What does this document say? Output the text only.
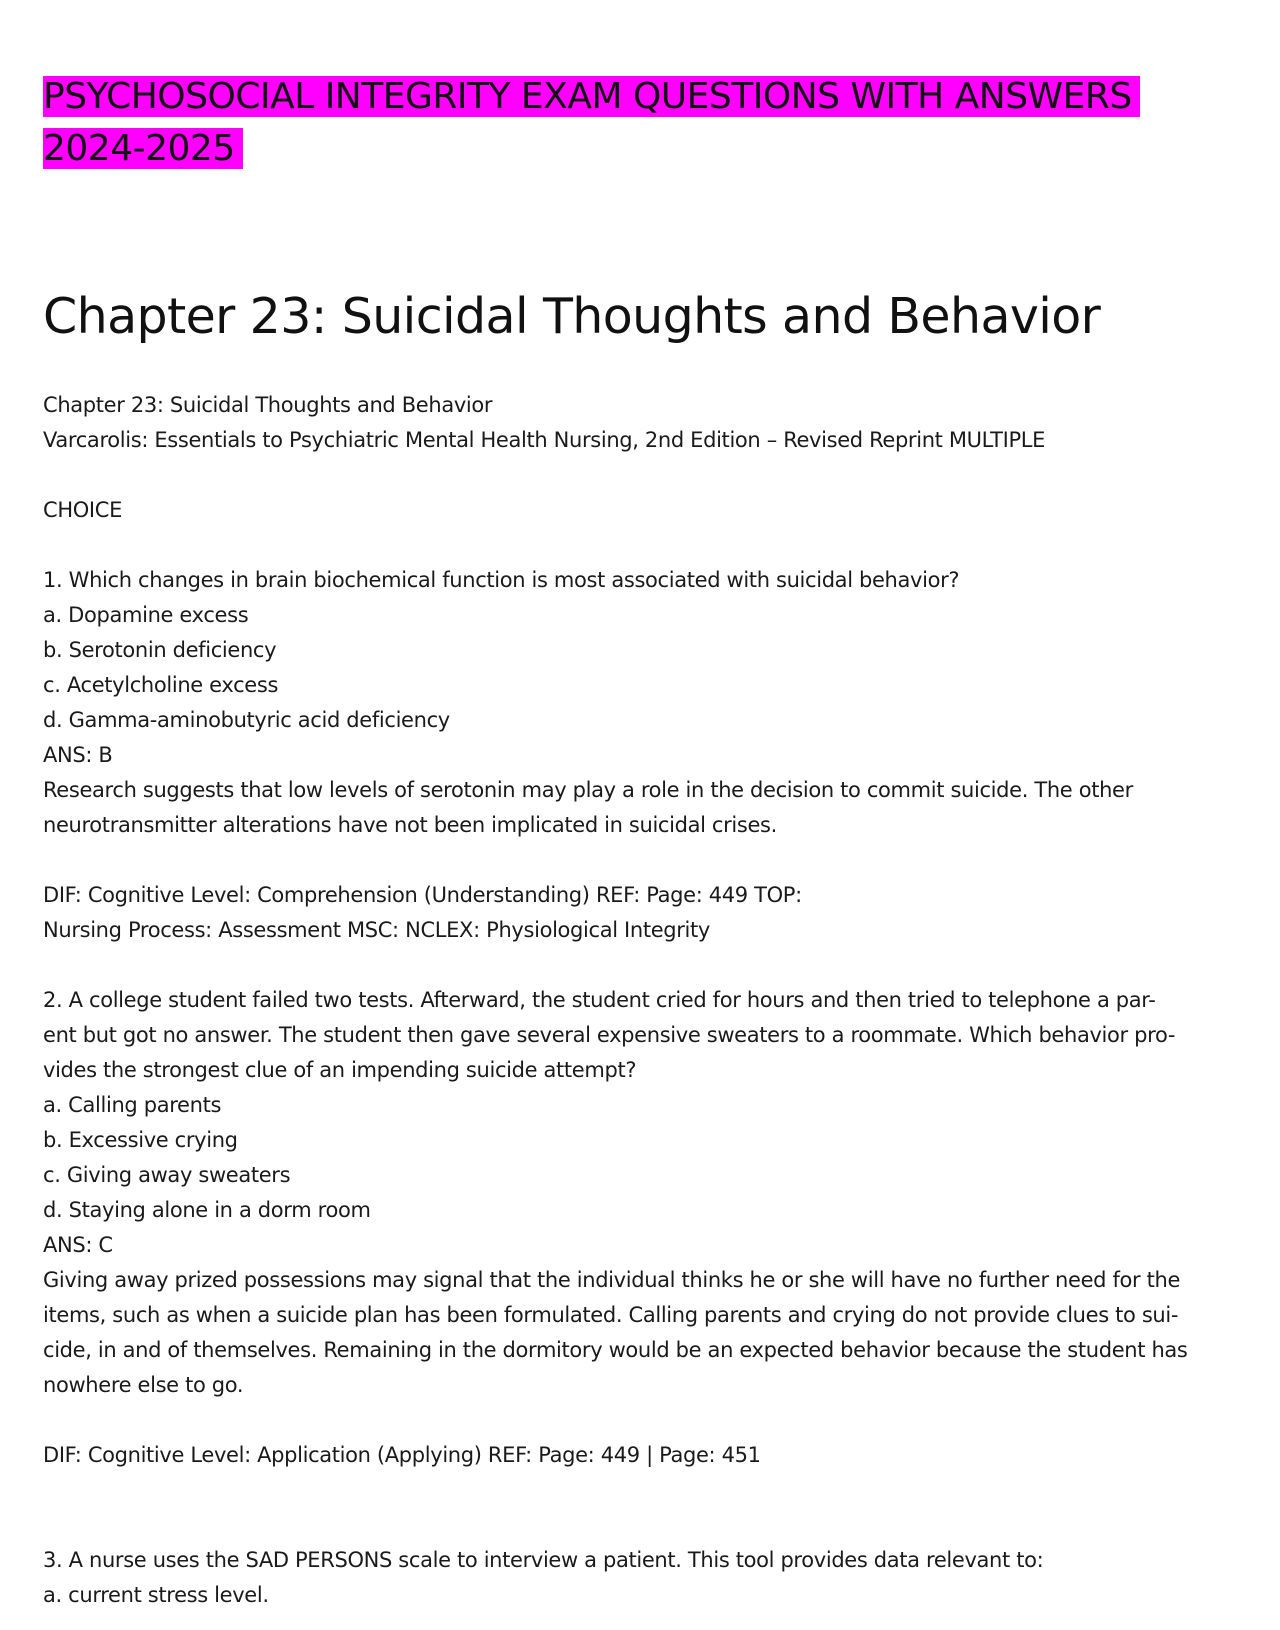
PSYCHOSOCIAL INTEGRITY EXAM QUESTIONS WITH ANSWERS
2024-2025
Chapter 23: Suicidal Thoughts and Behavior

Chapter 23: Suicidal Thoughts and Behavior

Varcarolis: Essentials to Psychiatric Mental Health Nursing, 2nd Edition – Revised Reprint MULTIPLE

CHOICE

1. Which changes in brain biochemical function is most associated with suicidal behavior?

a. Dopamine excess

b. Serotonin deficiency

c. Acetylcholine excess

d. Gamma-aminobutyric acid deficiency

ANS: B

Research suggests that low levels of serotonin may play a role in the decision to commit suicide. The other

neurotransmitter alterations have not been implicated in suicidal crises.

DIF: Cognitive Level: Comprehension (Understanding) REF: Page: 449 TOP:

Nursing Process: Assessment MSC: NCLEX: Physiological Integrity

2. A college student failed two tests. Afterward, the student cried for hours and then tried to telephone a par-

ent but got no answer. The student then gave several expensive sweaters to a roommate. Which behavior pro-

vides the strongest clue of an impending suicide attempt?

a. Calling parents

b. Excessive crying

c. Giving away sweaters

d. Staying alone in a dorm room

ANS: C

Giving away prized possessions may signal that the individual thinks he or she will have no further need for the

items, such as when a suicide plan has been formulated. Calling parents and crying do not provide clues to sui-

cide, in and of themselves. Remaining in the dormitory would be an expected behavior because the student has

nowhere else to go.

DIF: Cognitive Level: Application (Applying) REF: Page: 449 | Page: 451

3. A nurse uses the SAD PERSONS scale to interview a patient. This tool provides data relevant to:

a. current stress level.
